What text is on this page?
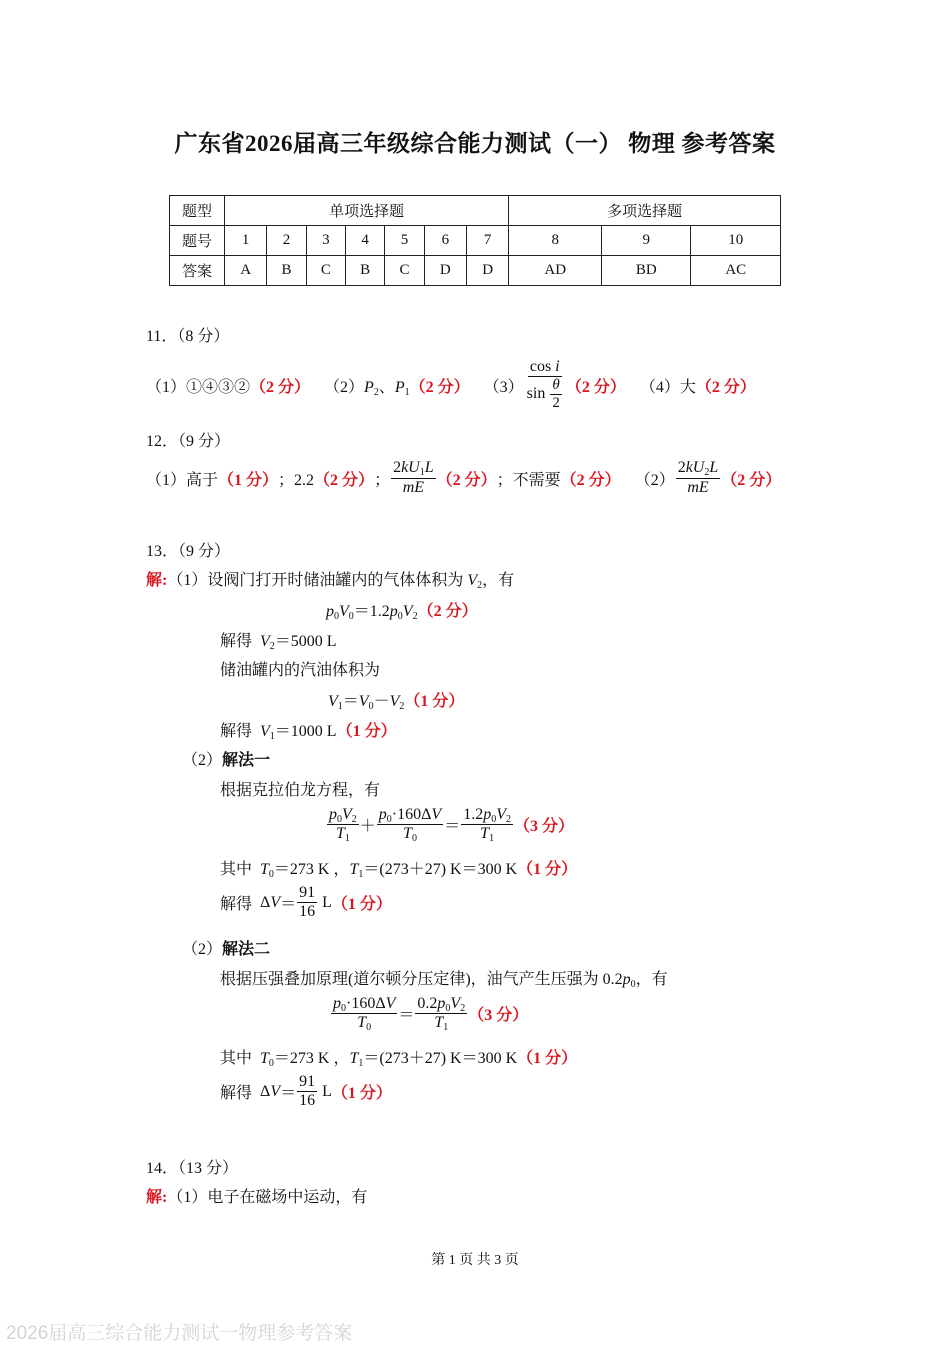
广东省2026届高三年级综合能力测试（一） 物理 参考答案
题型	单项选择题							多项选择题		
题号	1	2	3	4	5	6	7	8	9	10
答案	A	B	C	B	C	D	D	AD	BD	AC
11．（8 分）
（1）①④③② （2 分） （2） $P_2$、$P_1$ （2 分） $(3) \frac{\text{cos i}}{\sin \frac{\theta}{2}} (2$ 分） （4）大 （2 分）
12．（9 分）
（1）高于 （1 分） ；2.2 （2 分） ； $\frac{2kU_1L}{mE} (2$ 分） ；不需要 （2 分） $(2) \frac{2kU_2L}{mE} (2$ 分）
13．（9 分）
解:（1）设阀门打开时储油罐内的气体体积为 $V_2$，有
$p_0V_0=1.2p_0V_2(2$ 分）
解得 $V_2=5000$ L
储油罐内的汽油体积为
$V_1=V_0-V_2(1$ 分）
解得 $V_1=1000$ L（1 分）
（2）解法一
根据克拉伯龙方程，有
$\frac{p_0V_2}{T_1} + \frac{p_0\cdot 160\Delta V}{T_0} = \frac{1.2p_0V_2}{T_1} (3$ 分）
其中 $T_0=273$ K ，$T_1=(273+27)$ K＝300 K（1 分）
解得 Δ $V = \frac{91}{16}$
L （1 分）
（2）解法二
根据压强叠加原理(道尔顿分压定律)，油气产生压强为 $0.2p_0$，有
$\frac{p_0\cdot 160\Delta V}{T_0} = \frac{0.2p_0V_2}{T_1} (3$ 分）
其中 $T_0=273$ K ，$T_1=(273+27)$ K＝300 K（1 分）
解得 Δ $V = \frac{91}{16}$
L （1 分）
14．（13 分）
解:（1）电子在磁场中运动，有
第 1 页 共 3 页
2026届高三综合能力测试一物理参考答案
